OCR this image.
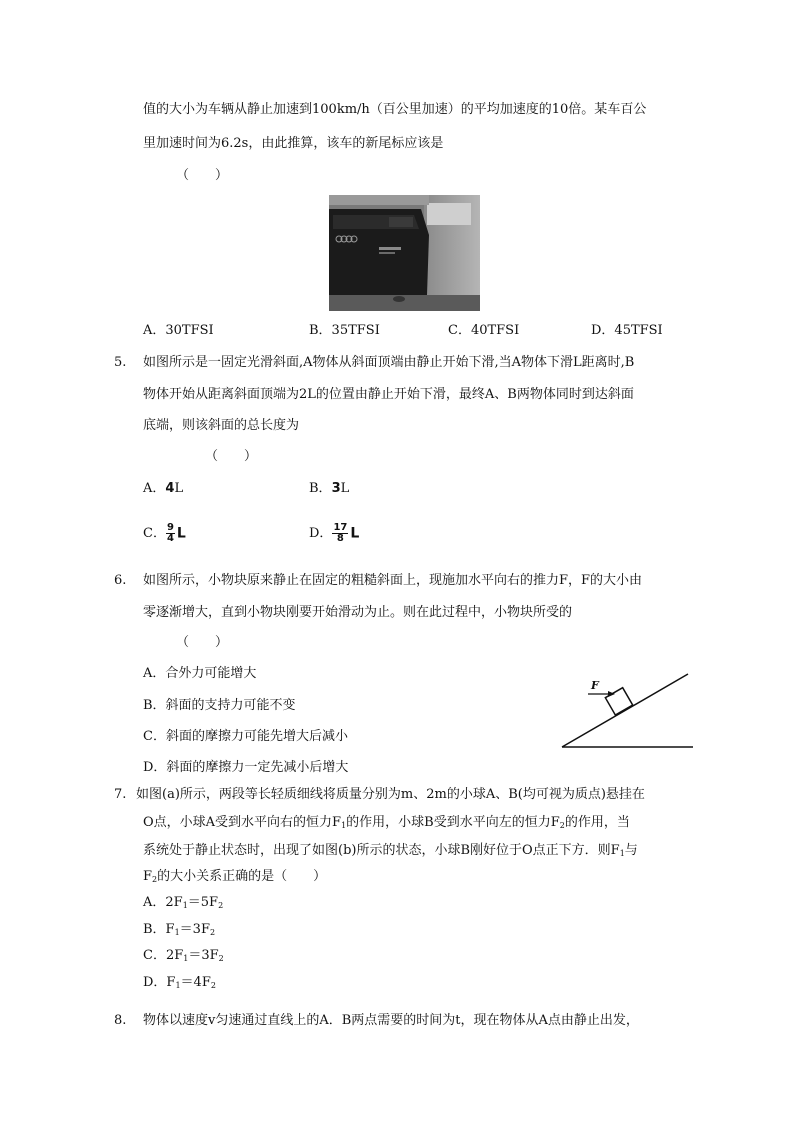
值的大小为车辆从静止加速到100km/h（百公里加速）的平均加速度的10倍。某车百公
里加速时间为6.2s，由此推算，该车的新尾标应该是
（　　）
A．30TFSI	B．35TFSI	C．40TFSI	D．45TFSI
5. 如图所示是一固定光滑斜面,A物体从斜面顶端由静止开始下滑,当A物体下滑L距离时,B
物体开始从距离斜面顶端为2L的位置由静止开始下滑，最终A、B两物体同时到达斜面
底端，则该斜面的总长度为
（　　）
A．4L	B．3L
C． $\frac{9}{4}$ L	D． $\frac{17}{8}$ L
6. 如图所示，小物块原来静止在固定的粗糙斜面上，现施加水平向右的推力F，F的大小由
零逐渐增大，直到小物块刚要开始滑动为止。则在此过程中，小物块所受的
（　　）
A．合外力可能增大
B．斜面的支持力可能不变
C．斜面的摩擦力可能先增大后减小
D．斜面的摩擦力一定先减小后增大
F
7. 如图(a)所示，两段等长轻质细线将质量分别为m、2m的小球A、B(均可视为质点)悬挂在
O点，小球A受到水平向右的恒力$F_1$的作用，小球B受到水平向左的恒力$F_2$的作用，当
系统处于静止状态时，出现了如图(b)所示的状态，小球B刚好位于O点正下方．则$F_1$与
$F_2$的大小关系正确的是（　　）
A．$2F_1=5F_2$
B．$F_1=3F_2$
C．$2F_1=3F_2$
D．$F_1=4F_2$
8. 物体以速度v匀速通过直线上的A．B两点需要的时间为t，现在物体从A点由静止出发，
